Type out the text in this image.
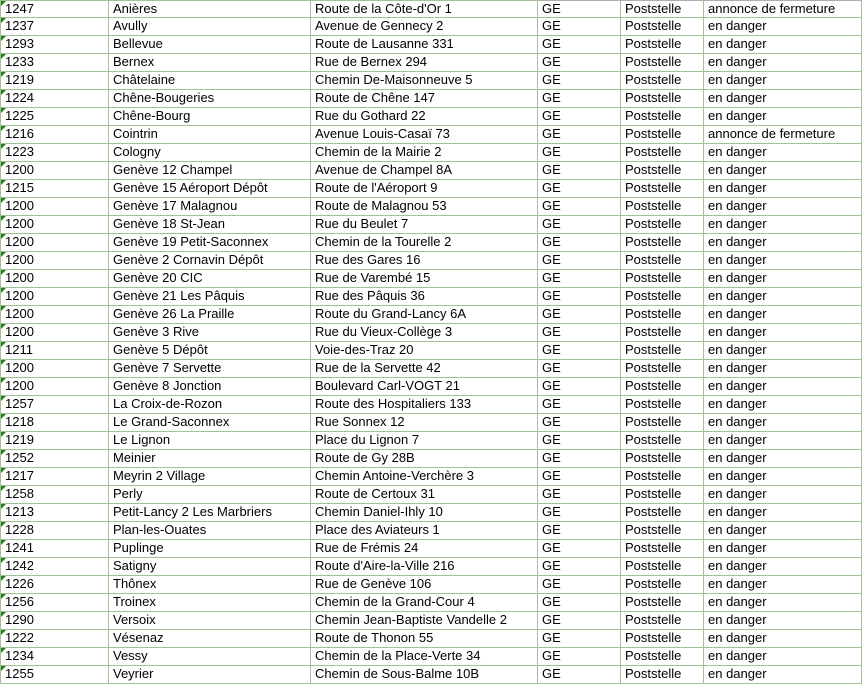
1247	Anières	Route de la Côte-d'Or 1	GE	Poststelle annonce de fermeture
1237	Avully	Avenue de Gennecy 2	GE	Poststelle en danger
1293	Bellevue	Route de Lausanne 331	GE	Poststelle en danger
1233	Bernex	Rue de Bernex 294	GE	Poststelle en danger
1219	Châtelaine	Chemin De-Maisonneuve 5	GE	Poststelle en danger
1224	Chêne-Bougeries	Route de Chêne 147	GE	Poststelle en danger
1225	Chêne-Bourg	Rue du Gothard 22	GE	Poststelle en danger
1216	Cointrin	Avenue Louis-Casaï 73	GE	Poststelle annonce de fermeture
1223	Cologny	Chemin de la Mairie 2	GE	Poststelle en danger
1200	Genève 12 Champel	Avenue de Champel 8A	GE	Poststelle en danger
1215	Genève 15 Aéroport Dépôt	Route de l'Aéroport 9	GE	Poststelle en danger
1200	Genève 17 Malagnou	Route de Malagnou 53	GE	Poststelle en danger
1200	Genève 18 St-Jean	Rue du Beulet 7	GE	Poststelle en danger
1200	Genève 19 Petit-Saconnex	Chemin de la Tourelle 2	GE	Poststelle en danger
1200	Genève 2 Cornavin Dépôt	Rue des Gares 16	GE	Poststelle en danger
1200	Genève 20 CIC	Rue de Varembé 15	GE	Poststelle en danger
1200	Genève 21 Les Pâquis	Rue des Pâquis 36	GE	Poststelle en danger
1200	Genève 26 La Praille	Route du Grand-Lancy 6A	GE	Poststelle en danger
1200	Genève 3 Rive	Rue du Vieux-Collège 3	GE	Poststelle en danger
1211	Genève 5 Dépôt	Voie-des-Traz 20	GE	Poststelle en danger
1200	Genève 7 Servette	Rue de la Servette 42	GE	Poststelle en danger
1200	Genève 8 Jonction	Boulevard Carl-VOGT 21	GE	Poststelle en danger
1257	La Croix-de-Rozon	Route des Hospitaliers 133	GE	Poststelle en danger
1218	Le Grand-Saconnex	Rue Sonnex 12	GE	Poststelle en danger
1219	Le Lignon	Place du Lignon 7	GE	Poststelle en danger
1252	Meinier	Route de Gy 28B	GE	Poststelle en danger
1217	Meyrin 2 Village	Chemin Antoine-Verchère 3	GE	Poststelle en danger
1258	Perly	Route de Certoux 31	GE	Poststelle en danger
1213	Petit-Lancy 2 Les Marbriers	Chemin Daniel-Ihly 10	GE	Poststelle en danger
1228	Plan-les-Ouates	Place des Aviateurs 1	GE	Poststelle en danger
1241	Puplinge	Rue de Frémis 24	GE	Poststelle en danger
1242	Satigny	Route d'Aire-la-Ville 216	GE	Poststelle en danger
1226	Thônex	Rue de Genève 106	GE	Poststelle en danger
1256	Troinex	Chemin de la Grand-Cour 4	GE	Poststelle en danger
1290	Versoix	Chemin Jean-Baptiste Vandelle 2	GE	Poststelle en danger
1222	Vésenaz	Route de Thonon 55	GE	Poststelle en danger
1234	Vessy	Chemin de la Place-Verte 34	GE	Poststelle en danger
1255	Veyrier	Chemin de Sous-Balme 10B	GE	Poststelle en danger
